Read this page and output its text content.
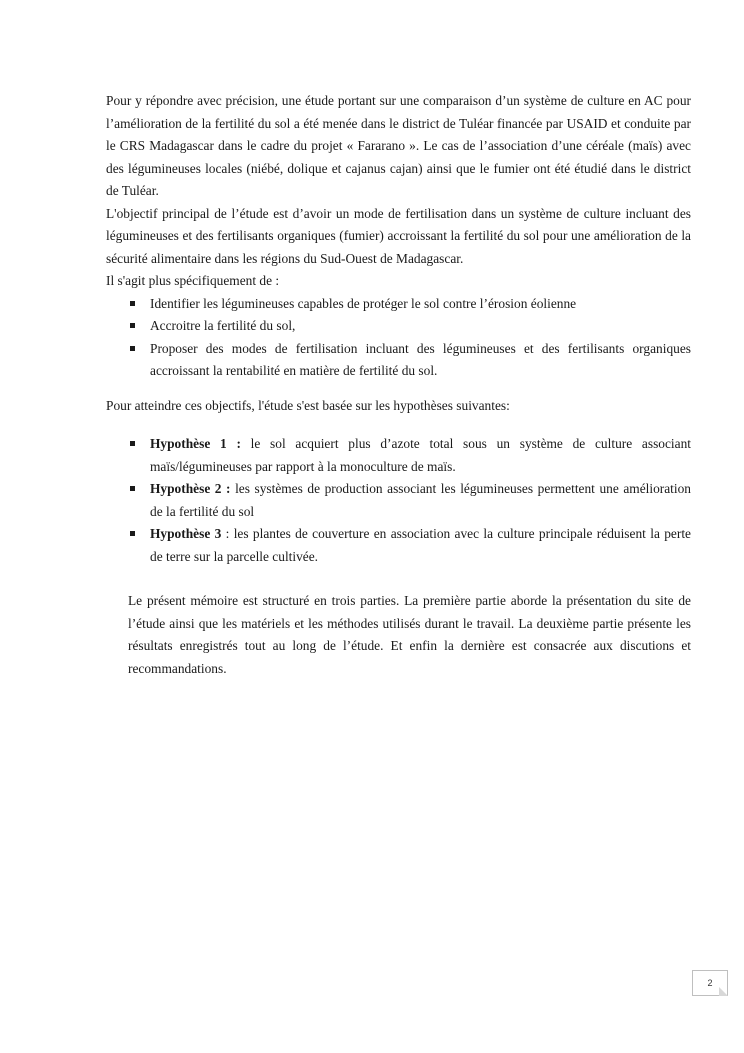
Pour y répondre avec précision, une étude portant sur une comparaison d’un système de culture en AC pour l’amélioration de la fertilité du sol a été menée dans le district de Tuléar financée par USAID et conduite par le CRS Madagascar dans le cadre du projet « Fararano ». Le cas de l’association d’une céréale (maïs) avec des légumineuses locales (niébé, dolique et cajanus cajan) ainsi que le fumier ont été étudié dans le district de Tuléar.

L'objectif principal de l’étude est d’avoir un mode de fertilisation dans un système de culture incluant des légumineuses et des fertilisants organiques (fumier) accroissant la fertilité du sol pour une amélioration de la sécurité alimentaire dans les régions du Sud-Ouest de Madagascar.

Il s'agit plus spécifiquement de :

Identifier les légumineuses capables de protéger le sol contre l’érosion éolienne
Accroitre la fertilité du sol,
Proposer des modes de fertilisation incluant des légumineuses et des fertilisants organiques accroissant la rentabilité en matière de fertilité du sol.

Pour atteindre ces objectifs, l'étude s'est basée sur les hypothèses suivantes:

Hypothèse 1 : le sol acquiert plus d’azote total sous un système de culture associant maïs/légumineuses par rapport à la monoculture de maïs.
Hypothèse 2 : les systèmes de production associant les légumineuses permettent une amélioration de la fertilité du sol
Hypothèse 3 : les plantes de couverture en association avec la culture principale réduisent la perte de terre sur la parcelle cultivée.

Le présent mémoire est structuré en trois parties. La première partie aborde la présentation du site de l’étude ainsi que les matériels et les méthodes utilisés durant le travail. La deuxième partie présente les résultats enregistrés tout au long de l’étude. Et enfin la dernière est consacrée aux discutions et recommandations.

2
